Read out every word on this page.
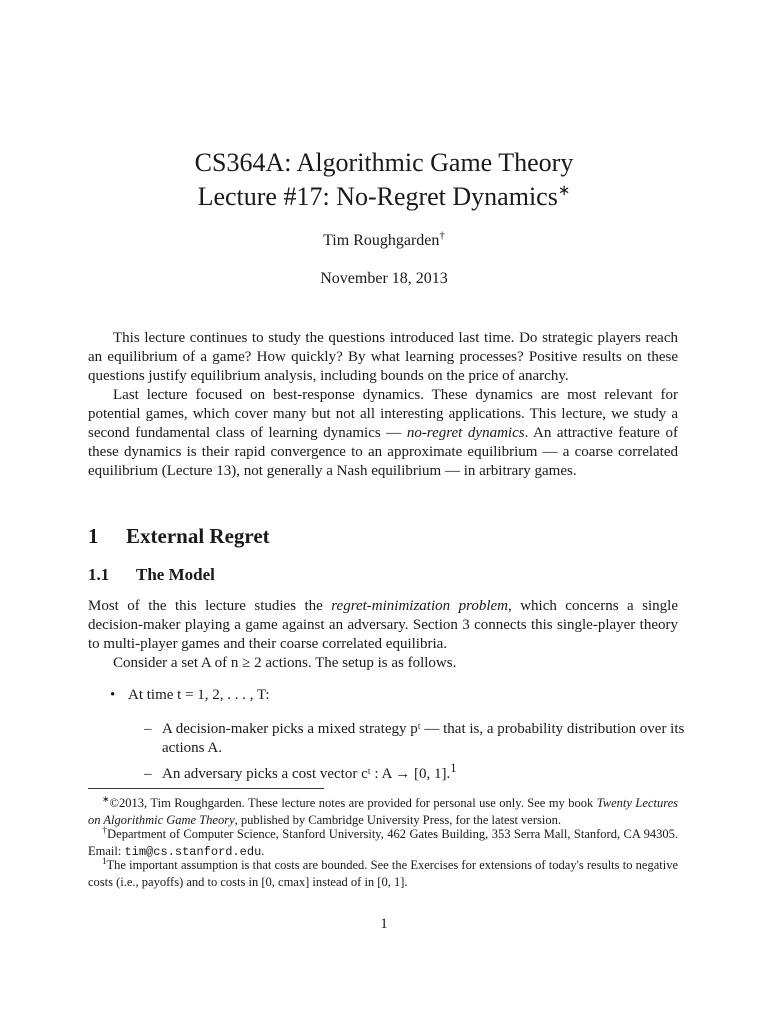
CS364A: Algorithmic Game Theory
Lecture #17: No-Regret Dynamics∗
Tim Roughgarden†
November 18, 2013

This lecture continues to study the questions introduced last time. Do strategic players reach an equilibrium of a game? How quickly? By what learning processes? Positive results on these questions justify equilibrium analysis, including bounds on the price of anarchy.

Last lecture focused on best-response dynamics. These dynamics are most relevant for potential games, which cover many but not all interesting applications. This lecture, we study a second fundamental class of learning dynamics — no-regret dynamics. An attractive feature of these dynamics is their rapid convergence to an approximate equilibrium — a coarse correlated equilibrium (Lecture 13), not generally a Nash equilibrium — in arbitrary games.

1 External Regret
1.1 The Model

Most of the this lecture studies the regret-minimization problem, which concerns a single decision-maker playing a game against an adversary. Section 3 connects this single-player theory to multi-player games and their coarse correlated equilibria.

Consider a set A of n ≥ 2 actions. The setup is as follows.

• At time t = 1, 2, . . . , T:

– A decision-maker picks a mixed strategy pᵗ — that is, a probability distribution over its actions A.

– An adversary picks a cost vector cᵗ : A → [0, 1].$^1$

∗©2013, Tim Roughgarden. These lecture notes are provided for personal use only. See my book Twenty Lectures on Algorithmic Game Theory, published by Cambridge University Press, for the latest version.

†Department of Computer Science, Stanford University, 462 Gates Building, 353 Serra Mall, Stanford, CA 94305. Email: tim@cs.stanford.edu.

$^1$The important assumption is that costs are bounded. See the Exercises for extensions of today's results to negative costs (i.e., payoffs) and to costs in [0, cmax] instead of in [0, 1].

1
